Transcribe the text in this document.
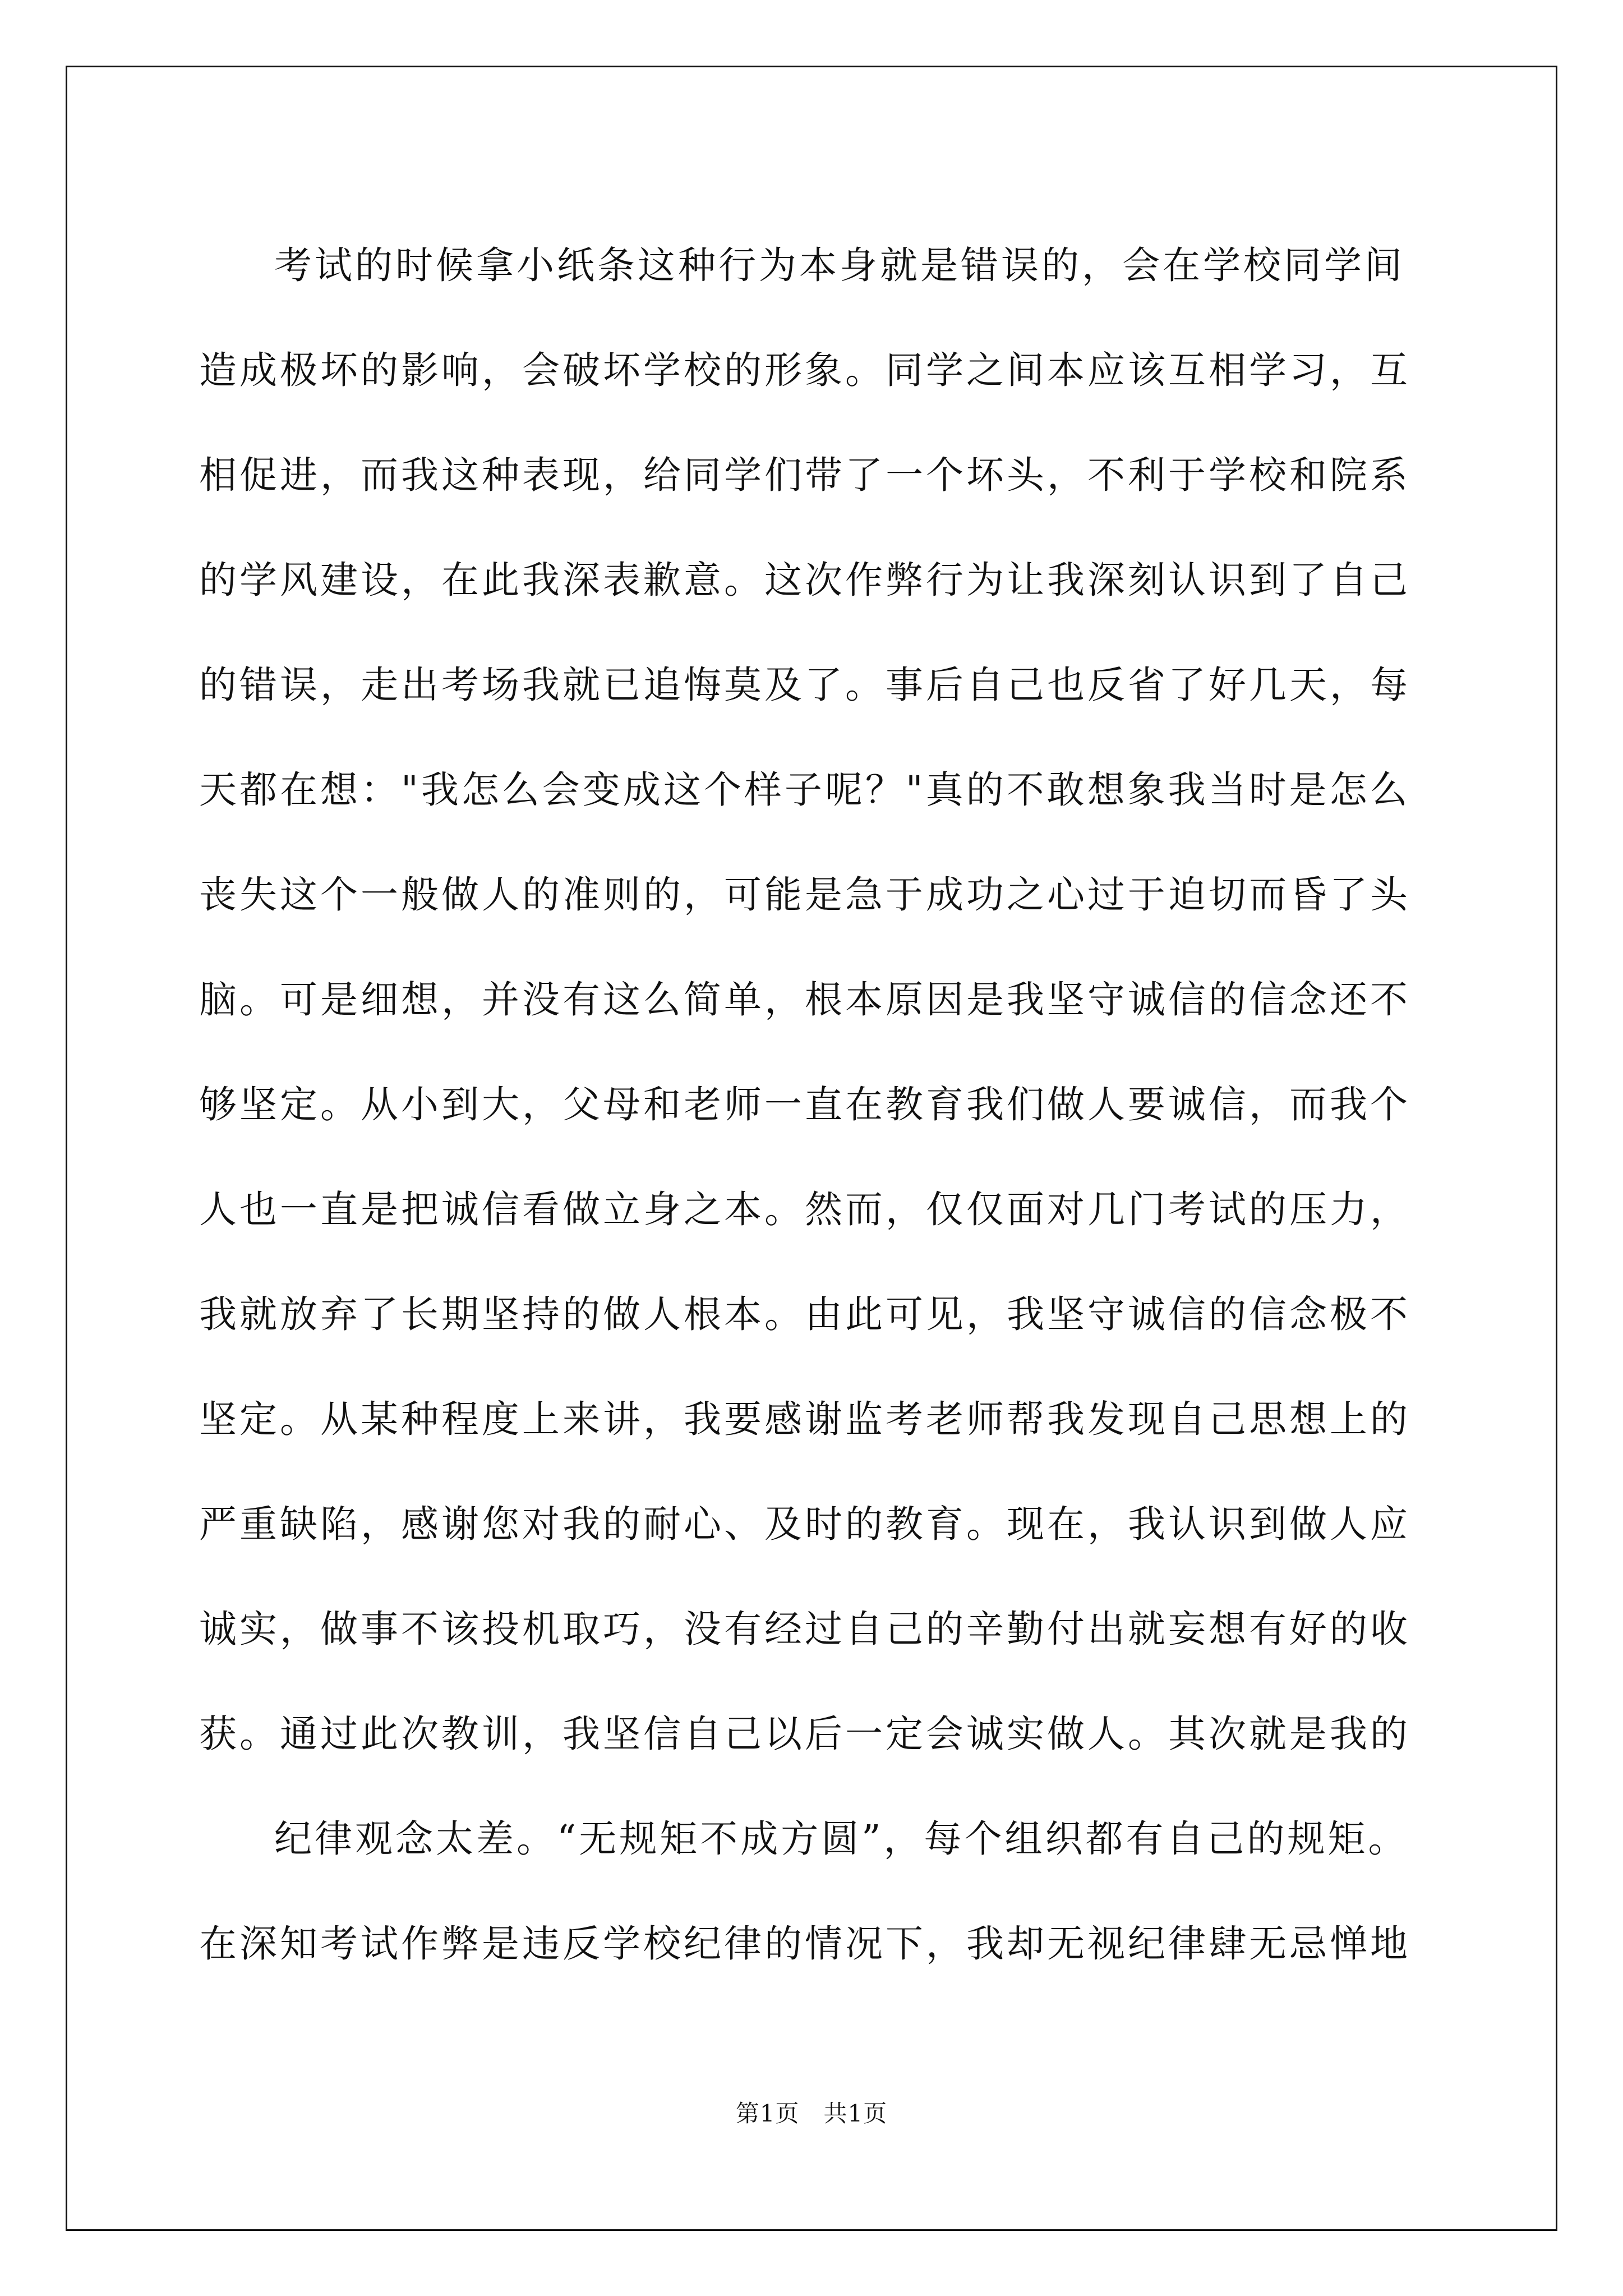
考试的时候拿小纸条这种行为本身就是错误的，会在学校同学间
造成极坏的影响，会破坏学校的形象。同学之间本应该互相学习，互
相促进，而我这种表现，给同学们带了一个坏头，不利于学校和院系
的学风建设，在此我深表歉意。这次作弊行为让我深刻认识到了自己
的错误，走出考场我就已追悔莫及了。事后自己也反省了好几天，每
天都在想："我怎么会变成这个样子呢？"真的不敢想象我当时是怎么
丧失这个一般做人的准则的，可能是急于成功之心过于迫切而昏了头
脑。可是细想，并没有这么简单，根本原因是我坚守诚信的信念还不
够坚定。从小到大，父母和老师一直在教育我们做人要诚信，而我个
人也一直是把诚信看做立身之本。然而，仅仅面对几门考试的压力，
我就放弃了长期坚持的做人根本。由此可见，我坚守诚信的信念极不
坚定。从某种程度上来讲，我要感谢监考老师帮我发现自己思想上的
严重缺陷，感谢您对我的耐心、及时的教育。现在，我认识到做人应
诚实，做事不该投机取巧，没有经过自己的辛勤付出就妄想有好的收
获。通过此次教训，我坚信自己以后一定会诚实做人。其次就是我的
纪律观念太差。“无规矩不成方圆”，每个组织都有自己的规矩。
在深知考试作弊是违反学校纪律的情况下，我却无视纪律肆无忌惮地
第1页   共1页
